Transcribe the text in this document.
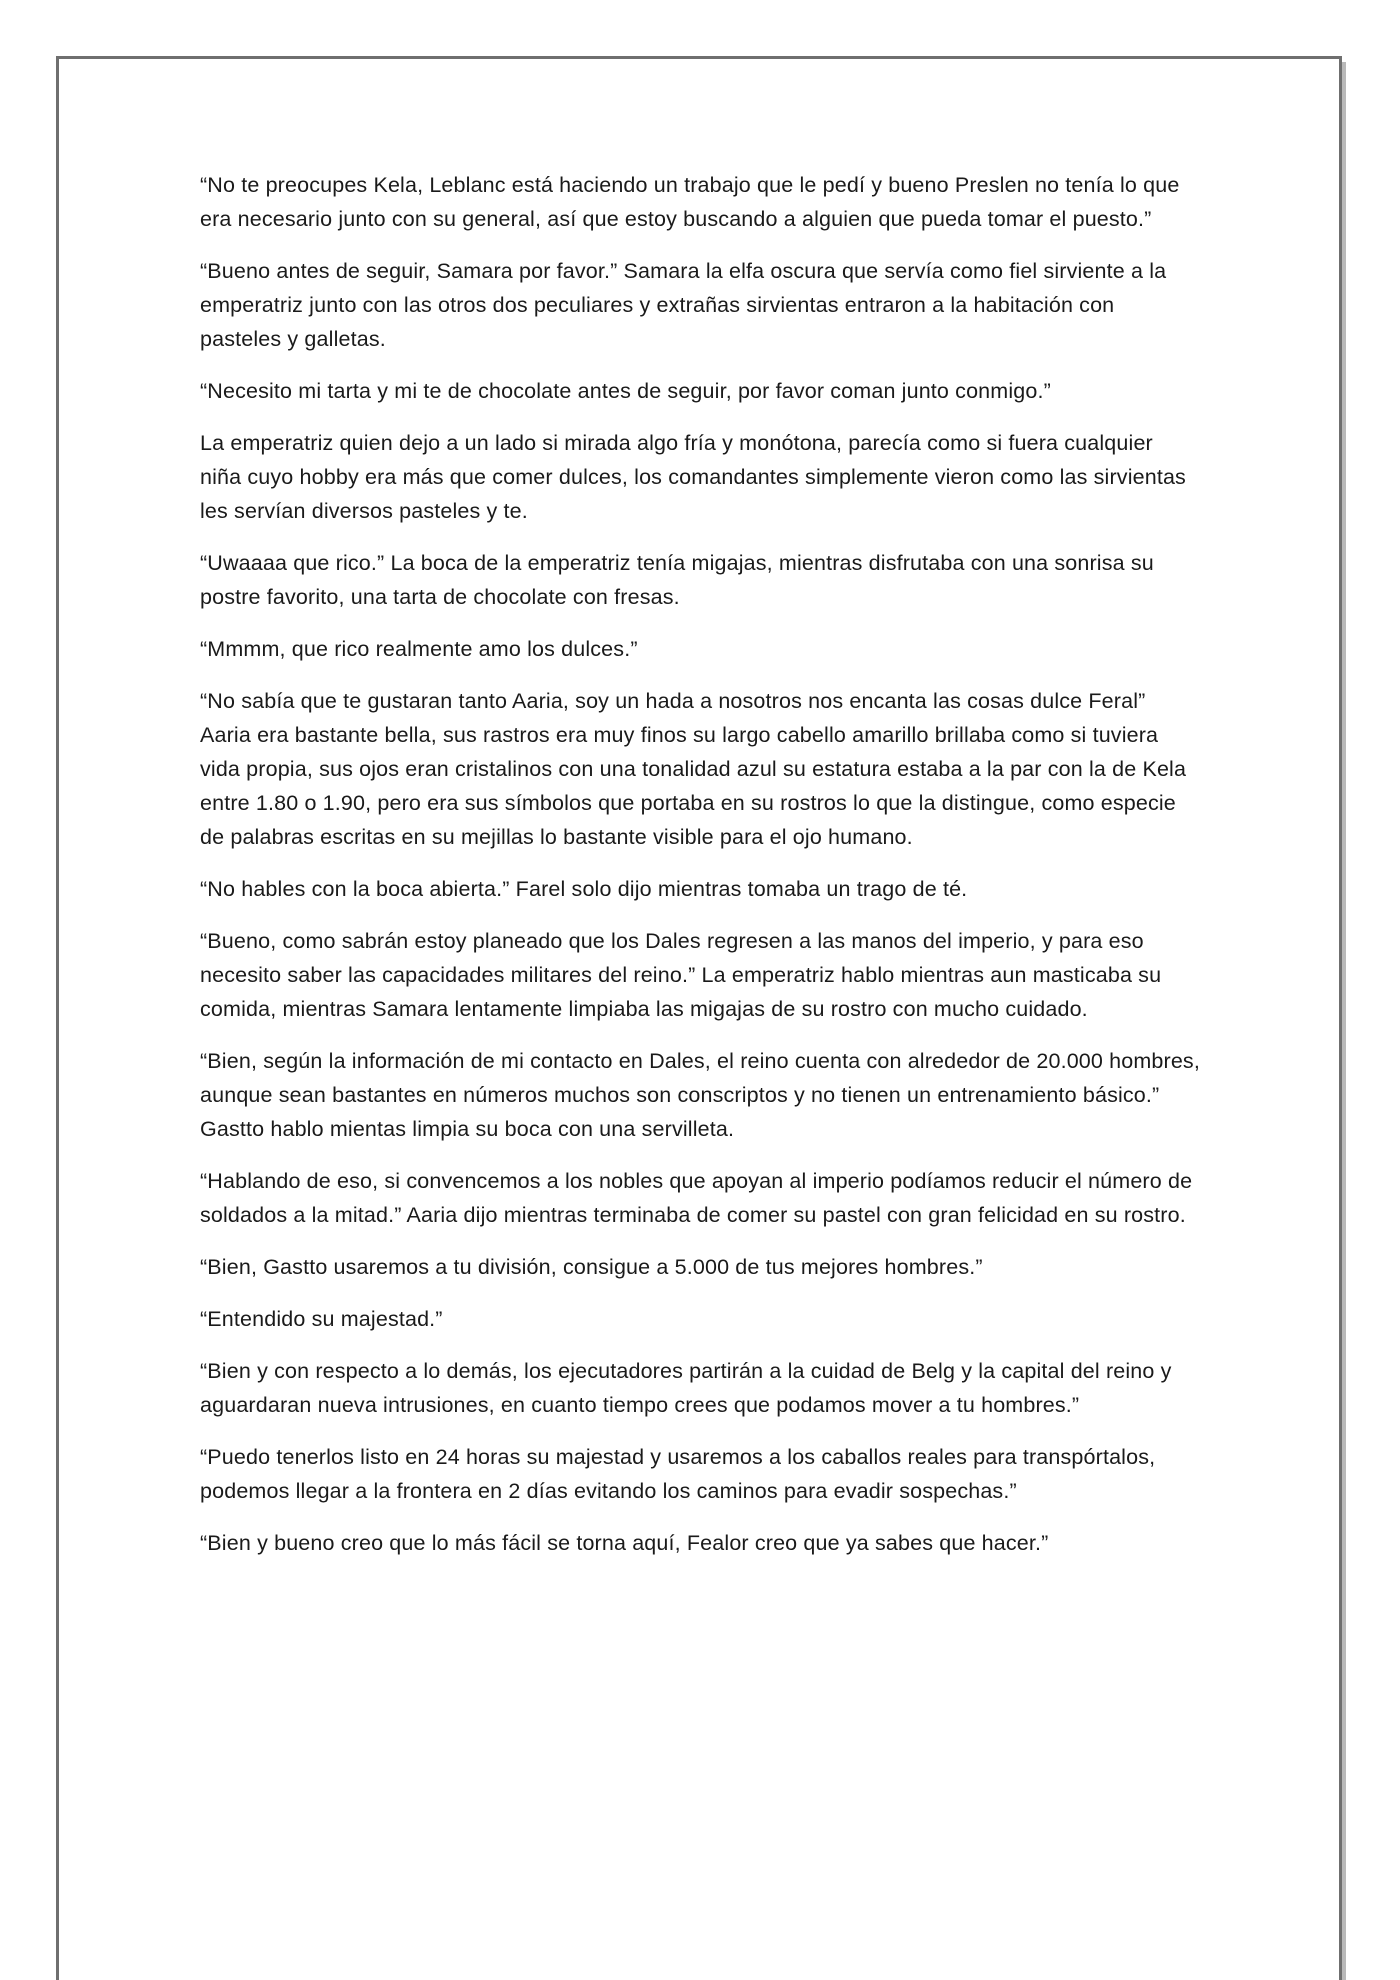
“No te preocupes Kela, Leblanc está haciendo un trabajo que le pedí y bueno Preslen no tenía lo que era necesario junto con su general, así que estoy buscando a alguien que pueda tomar el puesto.”

“Bueno antes de seguir, Samara por favor.” Samara la elfa oscura que servía como fiel sirviente a la emperatriz junto con las otros dos peculiares y extrañas sirvientas entraron a la habitación con pasteles y galletas.

“Necesito mi tarta y mi te de chocolate antes de seguir, por favor coman junto conmigo.”

La emperatriz quien dejo a un lado si mirada algo fría y monótona, parecía como si fuera cualquier niña cuyo hobby era más que comer dulces, los comandantes simplemente vieron como las sirvientas les servían diversos pasteles y te.

“Uwaaaa que rico.” La boca de la emperatriz tenía migajas, mientras disfrutaba con una sonrisa su postre favorito, una tarta de chocolate con fresas.

“Mmmm, que rico realmente amo los dulces.”

“No sabía que te gustaran tanto Aaria, soy un hada a nosotros nos encanta las cosas dulce Feral” Aaria era bastante bella, sus rastros era muy finos su largo cabello amarillo brillaba como si tuviera vida propia, sus ojos eran cristalinos con una tonalidad azul su estatura estaba a la par con la de Kela entre 1.80 o 1.90, pero era sus símbolos que portaba en su rostros lo que la distingue, como especie de palabras escritas en su mejillas lo bastante visible para el ojo humano.

“No hables con la boca abierta.” Farel solo dijo mientras tomaba un trago de té.

“Bueno, como sabrán estoy planeado que los Dales regresen a las manos del imperio, y para eso necesito saber las capacidades militares del reino.” La emperatriz hablo mientras aun masticaba su comida, mientras Samara lentamente limpiaba las migajas de su rostro con mucho cuidado.

“Bien, según la información de mi contacto en Dales, el reino cuenta con alrededor de 20.000 hombres, aunque sean bastantes en números muchos son conscriptos y no tienen un entrenamiento básico.” Gastto hablo mientas limpia su boca con una servilleta.

“Hablando de eso, si convencemos a los nobles que apoyan al imperio podíamos reducir el número de soldados a la mitad.” Aaria dijo mientras terminaba de comer su pastel con gran felicidad en su rostro.

“Bien, Gastto usaremos a tu división, consigue a 5.000 de tus mejores hombres.”

“Entendido su majestad.”

“Bien y con respecto a lo demás, los ejecutadores partirán a la cuidad de Belg y la capital del reino y aguardaran nueva intrusiones, en cuanto tiempo crees que podamos mover a tu hombres.”

“Puedo tenerlos listo en 24 horas su majestad y usaremos a los caballos reales para transpórtalos, podemos llegar a la frontera en 2 días evitando los caminos para evadir sospechas.”

“Bien y bueno creo que lo más fácil se torna aquí, Fealor creo que ya sabes que hacer.”
